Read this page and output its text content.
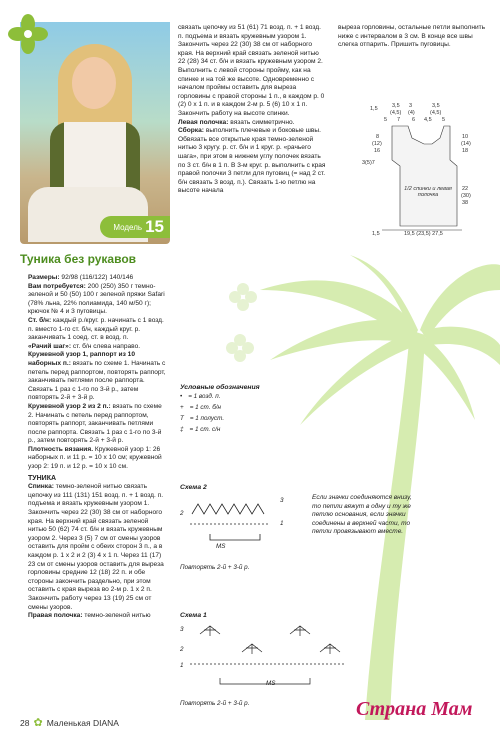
Модель 15
Туника без рукавов

Размеры: 92/98 (116/122) 140/146

Вам потребуется: 200 (250) 350 г темно-зеленой и 50 (50) 100 г зеленой пряжи Safari (78% льна, 22% полиамида, 140 м/50 г); крючок № 4 и 3 пуговицы.

Ст. б/н: каждый р./круг. р. начинать с 1 возд. п. вместо 1-го ст. б/н, каждый круг. р. заканчивать 1 соед. ст. в возд. п.

«Рачий шаг»: ст. б/н слева направо.

Кружевной узор 1, раппорт из 10 наборных п.: вязать по схеме 1. Начинать с петель перед раппортом, повторять раппорт, заканчивать петлями после раппорта. Связать 1 раз с 1-го по 3-й р., затем повторять 2-й + 3-й р.

Кружевной узор 2 из 2 п.: вязать по схеме 2. Начинать с петель перед раппортом, повторять раппорт, заканчивать петлями после раппорта. Связать 1 раз с 1-го по 3-й р., затем повторять 2-й + 3-й р.

Плотность вязания. Кружевной узор 1: 26 наборных п. и 11 р. = 10 х 10 см; кружевной узор 2: 19 п. и 12 р. = 10 х 10 см.

ТУНИКА

Спинка: темно-зеленой нитью связать цепочку из 111 (131) 151 возд. п. + 1 возд. п. подъема и вязать кружевным узором 1. Закончить через 22 (30) 38 см от наборного края. На верхний край связать зеленой нитью 50 (62) 74 ст. б/н и вязать кружевным узором 2. Через 3 (5) 7 см от смены узоров оставить для пройм с обеих сторон 3 п., а в каждом р. 1 х 2 и 2 (3) 4 х 1 п. Через 11 (17) 23 см от смены узоров оставить для выреза горловины средние 12 (18) 22 п. и обе стороны закончить раздельно, при этом оставить с края выреза во 2-м р. 1 х 2 п. Закончить работу через 13 (19) 25 см от смены узоров.

Правая полочка: темно-зеленой нитью

связать цепочку из 51 (61) 71 возд. п. + 1 возд. п. подъема и вязать кружевным узором 1. Закончить через 22 (30) 38 см от наборного края. На верхний край связать зеленой нитью 22 (28) 34 ст. б/н и вязать кружевным узором 2. Выполнить с левой стороны пройму, как на спинке и на той же высоте. Одновременно с началом проймы оставить для выреза горловины с правой стороны 1 п., в каждом р. 0 (2) 0 х 1 п. и в каждом 2-м р. 5 (6) 10 х 1 п. Закончить работу на высоте спинки.

Левая полочка: вязать симметрично.

Сборка: выполнить плечевые и боковые швы. Обвязать все открытые края темно-зеленой нитью 3 кругу. р. ст. б/н и 1 круг. р. «рачьего шага», при этом в нижнем углу полочек вязать по 3 ст. б/н в 1 п. В 3-м круг. р. выполнить с края правой полочки 3 петли для пуговиц (= над 2 ст. б/н связать 3 возд. п.). Связать 1-ю петлю на высоте начала

выреза горловины, остальные петли выполнить ниже с интервалом в 3 см. В конце все швы слегка отпарить. Пришить пуговицы.
3,5 3	3,5
(4,5) (4)	(4,5)
5 7 6 4,5 5
1,5
8
(12)
16
3(5)7
10
(14)
18
22
(30)
38
1/2 спинки и левая полочка
19,5 (23,5) 27,5
1,5
Условные обозначения
• = 1 возд. п.
+ = 1 ст. б/н
T = 1 полуст.
‡ = 1 ст. с/н
Схема 2
2
3
1
MS
Повторять 2-й + 3-й р.
Если значки соединяются внизу, то петли вяжут в одну и ту же петлю основания, если значки соединены в верхней части, то петли провязывают вместе.
Схема 1
3
2
1
MS
Повторять 2-й + 3-й р.
28 ✿ Маленькая DIANA
Страна Мам
